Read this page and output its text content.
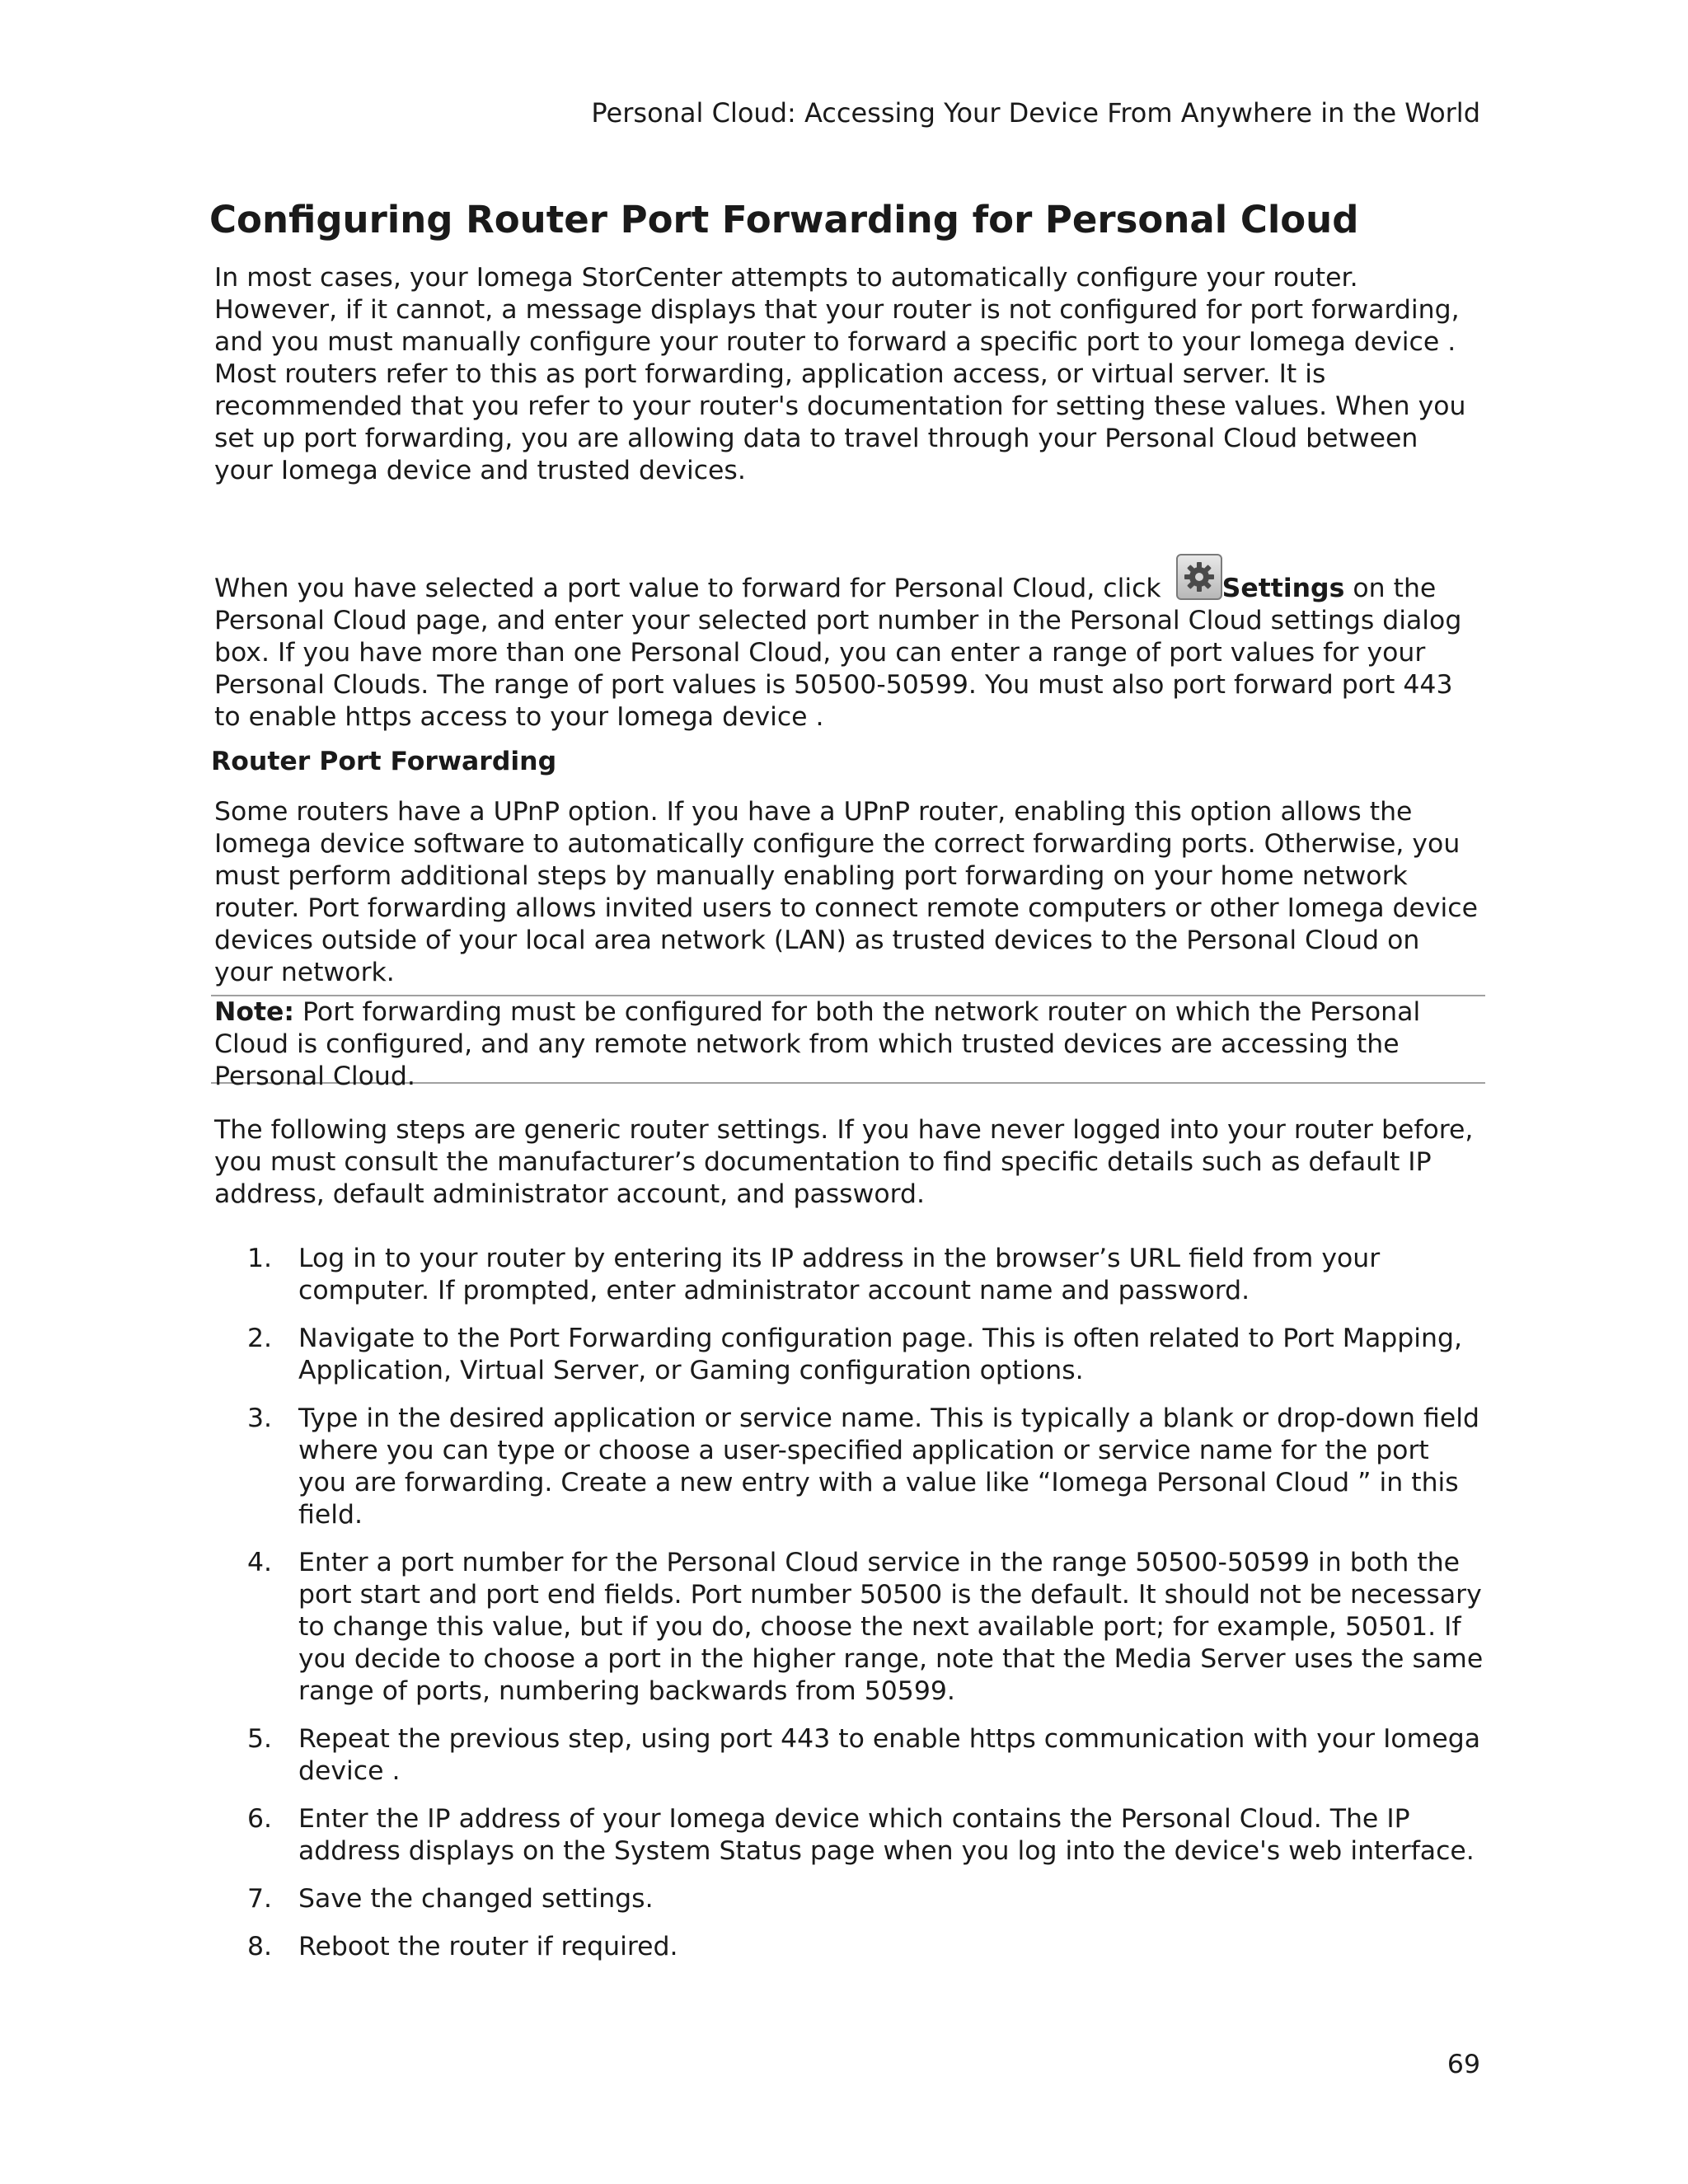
Personal Cloud: Accessing Your Device From Anywhere in the World
Configuring Router Port Forwarding for Personal Cloud

In most cases, your Iomega StorCenter attempts to automatically configure your router. However, if it cannot, a message displays that your router is not configured for port forwarding, and you must manually configure your router to forward a specific port to your Iomega device . Most routers refer to this as port forwarding, application access, or virtual server. It is recommended that you refer to your router's documentation for setting these values. When you set up port forwarding, you are allowing data to travel through your Personal Cloud between your Iomega device and trusted devices.

When you have selected a port value to forward for Personal Cloud, click
Settings on the Personal Cloud page, and enter your selected port number in the Personal Cloud settings dialog box. If you have more than one Personal Cloud, you can enter a range of port values for your Personal Clouds. The range of port values is 50500-50599. You must also port forward port 443 to enable https access to your Iomega device .

Router Port Forwarding

Some routers have a UPnP option. If you have a UPnP router, enabling this option allows the Iomega device software to automatically configure the correct forwarding ports. Otherwise, you must perform additional steps by manually enabling port forwarding on your home network router. Port forwarding allows invited users to connect remote computers or other Iomega device devices outside of your local area network (LAN) as trusted devices to the Personal Cloud on your network.

Note: Port forwarding must be configured for both the network router on which the Personal Cloud is configured, and any remote network from which trusted devices are accessing the Personal Cloud.

The following steps are generic router settings. If you have never logged into your router before, you must consult the manufacturer’s documentation to find specific details such as default IP address, default administrator account, and password.

1. Log in to your router by entering its IP address in the browser’s URL field from your computer. If prompted, enter administrator account name and password.
2. Navigate to the Port Forwarding configuration page. This is often related to Port Mapping, Application, Virtual Server, or Gaming configuration options.
3. Type in the desired application or service name. This is typically a blank or drop-down field where you can type or choose a user-specified application or service name for the port you are forwarding. Create a new entry with a value like “Iomega Personal Cloud ” in this field.
4. Enter a port number for the Personal Cloud service in the range 50500-50599 in both the port start and port end fields. Port number 50500 is the default. It should not be necessary to change this value, but if you do, choose the next available port; for example, 50501. If you decide to choose a port in the higher range, note that the Media Server uses the same range of ports, numbering backwards from 50599.
5. Repeat the previous step, using port 443 to enable https communication with your Iomega device .
6. Enter the IP address of your Iomega device which contains the Personal Cloud. The IP address displays on the System Status page when you log into the device's web interface.
7. Save the changed settings.
8. Reboot the router if required.
69
